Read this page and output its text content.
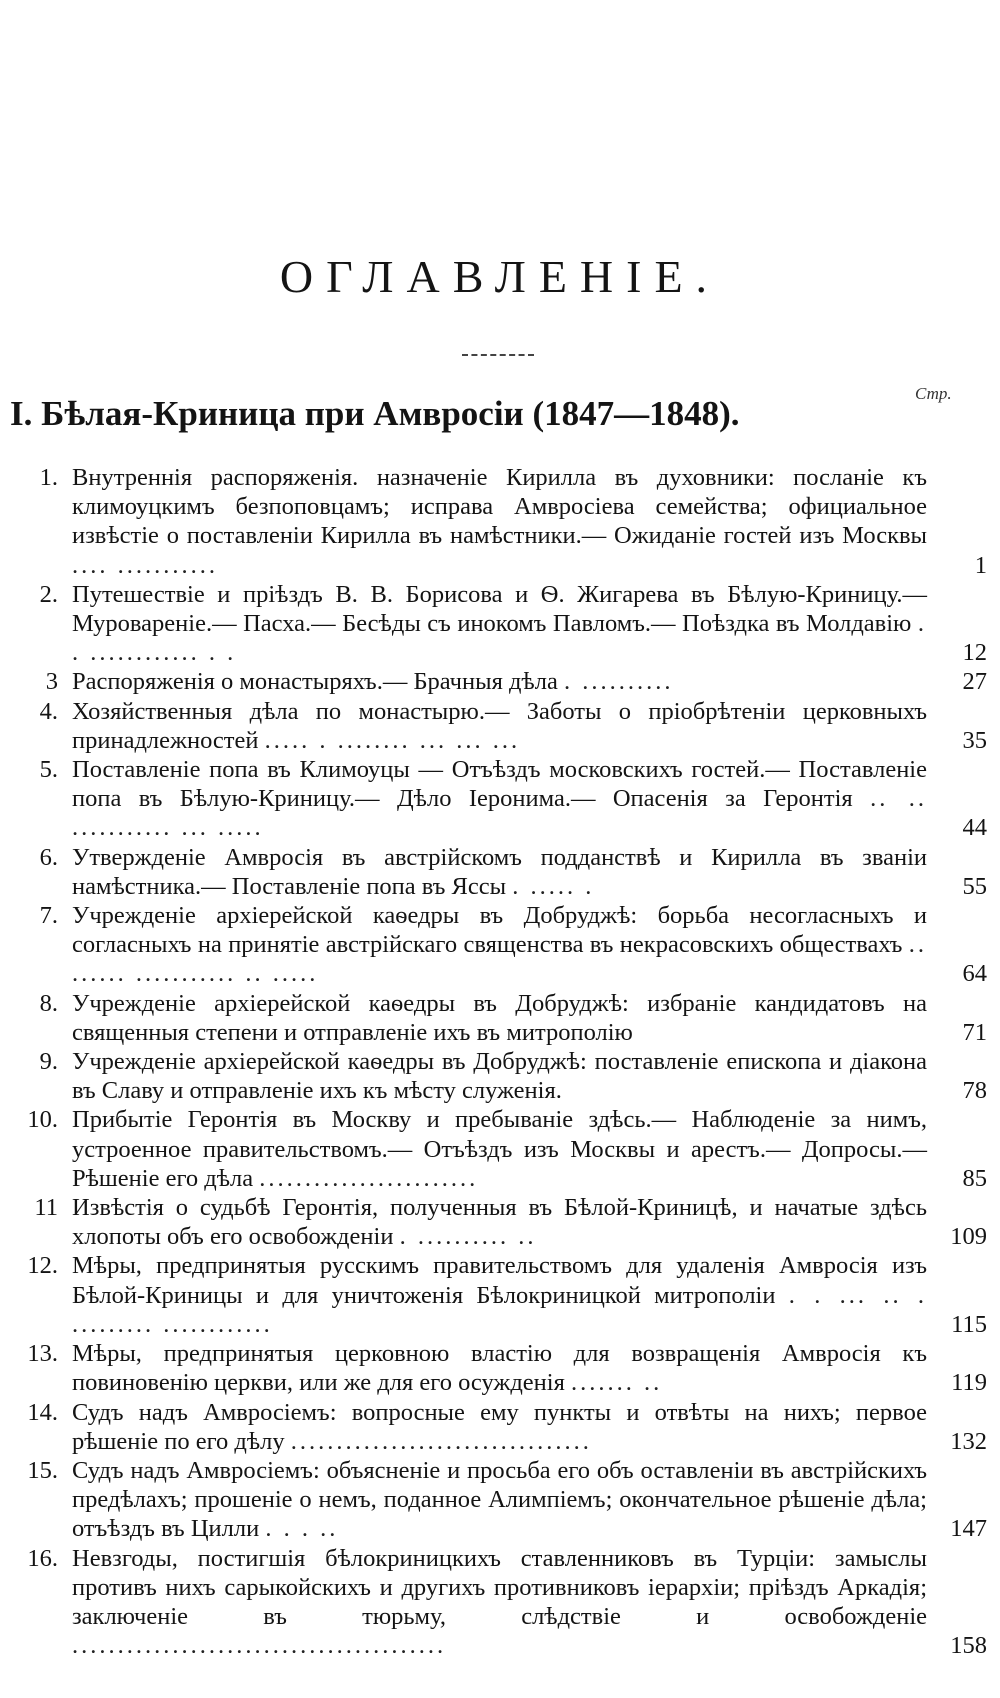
ОГЛАВЛЕНIЕ.
Стр.
I. Бѣлая-Криница при Амвросiи (1847—1848).
1. Внутреннiя распоряженiя. назначенiе Кирилла въ духовники: посланiе къ климоуцкимъ безпоповцамъ; исправа Амвросiева семейства; официальное извѣстiе о поставленiи Кирилла въ намѣстники.— Ожиданiе гостей изъ Москвы .... ...........	1
2. Путешествiе и прiѣздъ В. В. Борисова и Ѳ. Жигарева въ Бѣлую-Криницу.— Муроваренiе.— Пасха.— Бесѣды съ инокомъ Павломъ.— Поѣздка въ Молдавiю . . ............ . .	12
3 Распоряженiя о монастыряхъ.— Брачныя дѣла . ..........	27
4. Хозяйственныя дѣла по монастырю.— Заботы о прiобрѣтенiи церковныхъ принадлежностей ..... . ........ ... ... ...	35
5. Поставленiе попа въ Климоуцы — Отъѣздъ московскихъ гостей.— Поставленiе попа въ Бѣлую-Криницу.— Дѣло Iеронима.— Опасенiя за Геронтiя .. .. ........... ... .....	44
6. Утвержденiе Амвросiя въ австрiйскомъ подданствѣ и Кирилла въ званiи намѣстника.— Поставленiе попа въ Яссы . ..... .	55
7. Учрежденiе архiерейской каѳедры въ Добруджѣ: борьба несогласныхъ и согласныхъ на принятiе австрiйскаго священства въ некрасовскихъ обществахъ .. ...... ........... .. .....	64
8. Учрежденiе архiерейской каѳедры въ Добруджѣ: избранiе кандидатовъ на священныя степени и отправленiе ихъ въ митрополiю	71
9. Учрежденiе архiерейской каѳедры въ Добруджѣ: поставленiе епископа и дiакона въ Славу и отправленiе ихъ къ мѣсту служенiя.	78
10. Прибытiе Геронтiя въ Москву и пребыванiе здѣсь.— Наблюденiе за нимъ, устроенное правительствомъ.— Отъѣздъ изъ Москвы и арестъ.— Допросы.— Рѣшенiе его дѣла ........................	85
11 Извѣстiя о судьбѣ Геронтiя, полученныя въ Бѣлой-Криницѣ, и начатые здѣсь хлопоты объ его освобожденiи . .......... ..	109
12. Мѣры, предпринятыя русскимъ правительствомъ для удаленiя Амвросiя изъ Бѣлой-Криницы и для уничтоженiя Бѣлокриницкой митрополiи . . ... .. . ......... ............	115
13. Мѣры, предпринятыя церковною властiю для возвращенiя Амвросiя къ повиновенiю церкви, или же для его осужденiя ....... ..	119
14. Судъ надъ Амвросiемъ: вопросные ему пункты и отвѣты на нихъ; первое рѣшенiе по его дѣлу .................................	132
15. Судъ надъ Амвросiемъ: объясненiе и просьба его объ оставленiи въ австрiйскихъ предѣлахъ; прошенiе о немъ, поданное Алимпiемъ; окончательное рѣшенiе дѣла; отъѣздъ въ Цилли . . . ..	147
16. Невзгоды, постигшiя бѣлокриницкихъ ставленниковъ въ Турцiи: замыслы противъ нихъ сарыкойскихъ и другихъ противниковъ iерархiи; прiѣздъ Аркадiя; заключенiе въ тюрьму, слѣдствiе и освобожденiе .........................................	158
